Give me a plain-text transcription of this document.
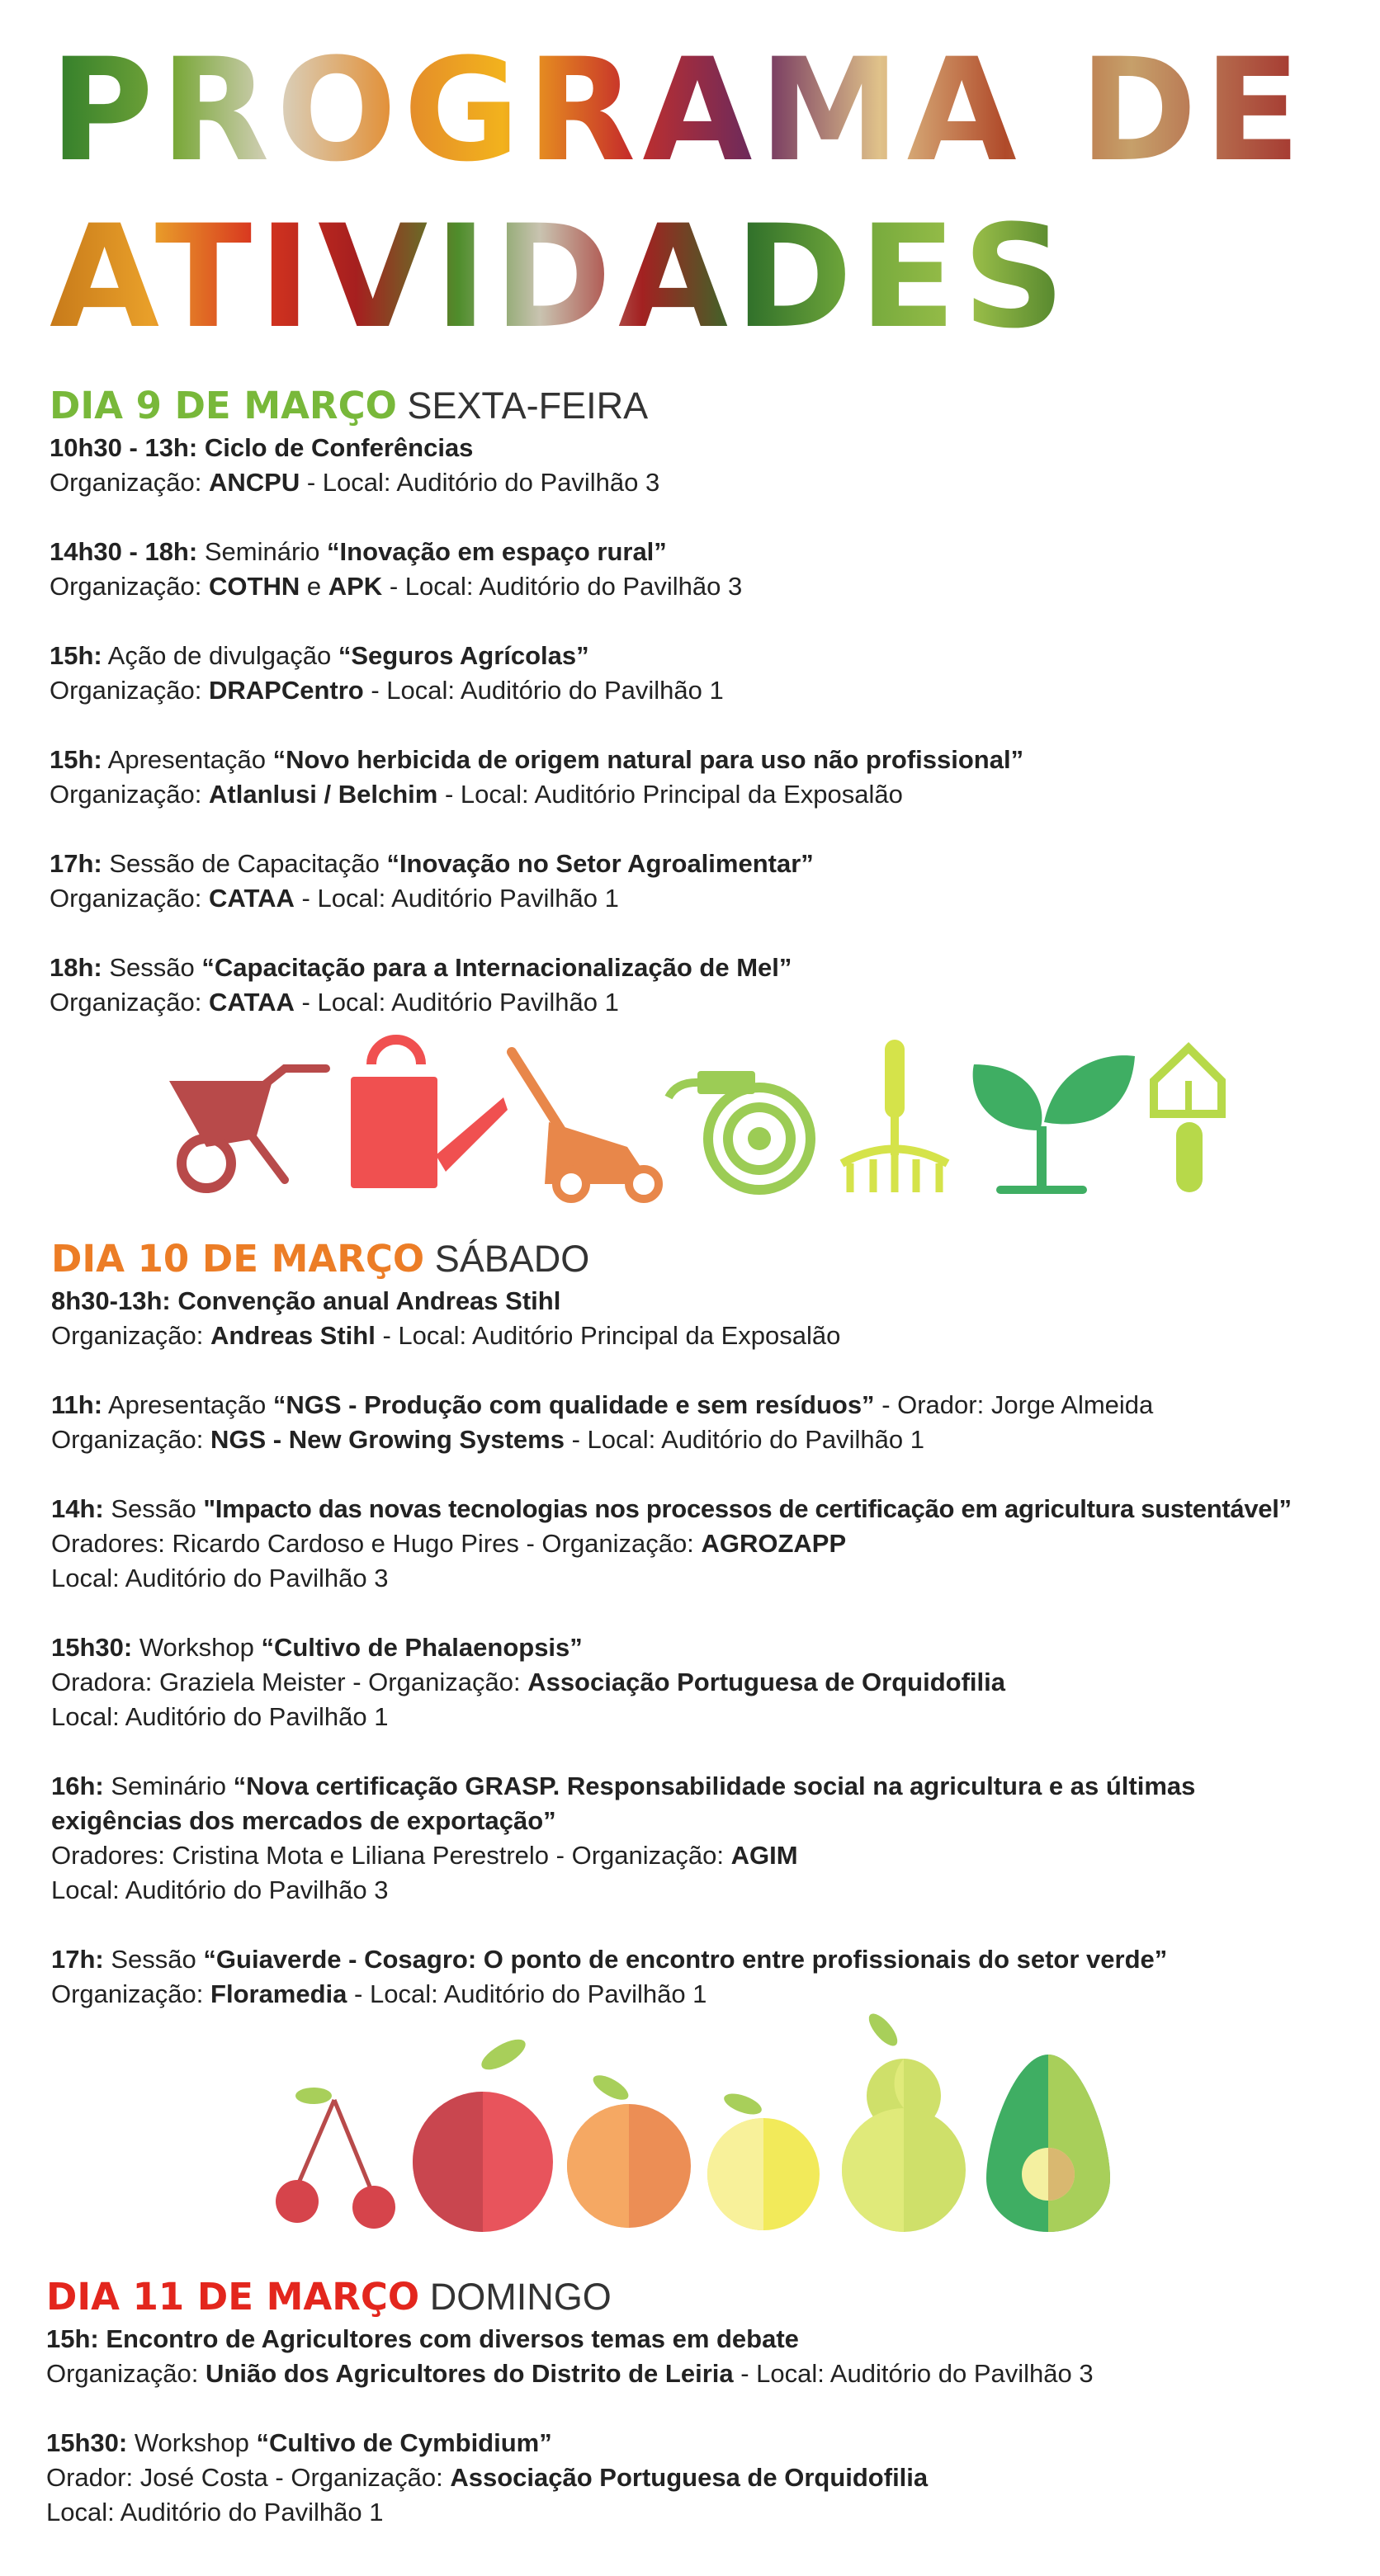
PROGRAMA DE
ATIVIDADES
DIA 9 DE MARÇO SEXTA-FEIRA
10h30 - 13h: Ciclo de Conferências
Organização: ANCPU - Local: Auditório do Pavilhão 3
14h30 - 18h: Seminário “Inovação em espaço rural”
Organização: COTHN e APK - Local: Auditório do Pavilhão 3
15h: Ação de divulgação “Seguros Agrícolas”
Organização: DRAPCentro - Local: Auditório do Pavilhão 1
15h: Apresentação “Novo herbicida de origem natural para uso não profissional”
Organização: Atlanlusi / Belchim - Local: Auditório Principal da Exposalão
17h: Sessão de Capacitação “Inovação no Setor Agroalimentar”
Organização: CATAA - Local: Auditório Pavilhão 1
18h: Sessão “Capacitação para a Internacionalização de Mel”
Organização: CATAA - Local: Auditório Pavilhão 1
DIA 10 DE MARÇO SÁBADO
8h30-13h: Convenção anual Andreas Stihl
Organização: Andreas Stihl - Local: Auditório Principal da Exposalão
11h: Apresentação “NGS - Produção com qualidade e sem resíduos” - Orador: Jorge Almeida
Organização: NGS - New Growing Systems - Local: Auditório do Pavilhão 1
14h: Sessão "Impacto das novas tecnologias nos processos de certificação em agricultura sustentável”
Oradores: Ricardo Cardoso e Hugo Pires - Organização: AGROZAPP
Local: Auditório do Pavilhão 3
15h30: Workshop “Cultivo de Phalaenopsis”
Oradora: Graziela Meister - Organização: Associação Portuguesa de Orquidofilia
Local: Auditório do Pavilhão 1
16h: Seminário “Nova certificação GRASP. Responsabilidade social na agricultura e as últimas exigências dos mercados de exportação”
Oradores: Cristina Mota e Liliana Perestrelo - Organização: AGIM
Local: Auditório do Pavilhão 3
17h: Sessão “Guiaverde - Cosagro: O ponto de encontro entre profissionais do setor verde”
Organização: Floramedia - Local: Auditório do Pavilhão 1
DIA 11 DE MARÇO DOMINGO
15h: Encontro de Agricultores com diversos temas em debate
Organização: União dos Agricultores do Distrito de Leiria - Local: Auditório do Pavilhão 3
15h30: Workshop “Cultivo de Cymbidium”
Orador: José Costa - Organização: Associação Portuguesa de Orquidofilia
Local: Auditório do Pavilhão 1
